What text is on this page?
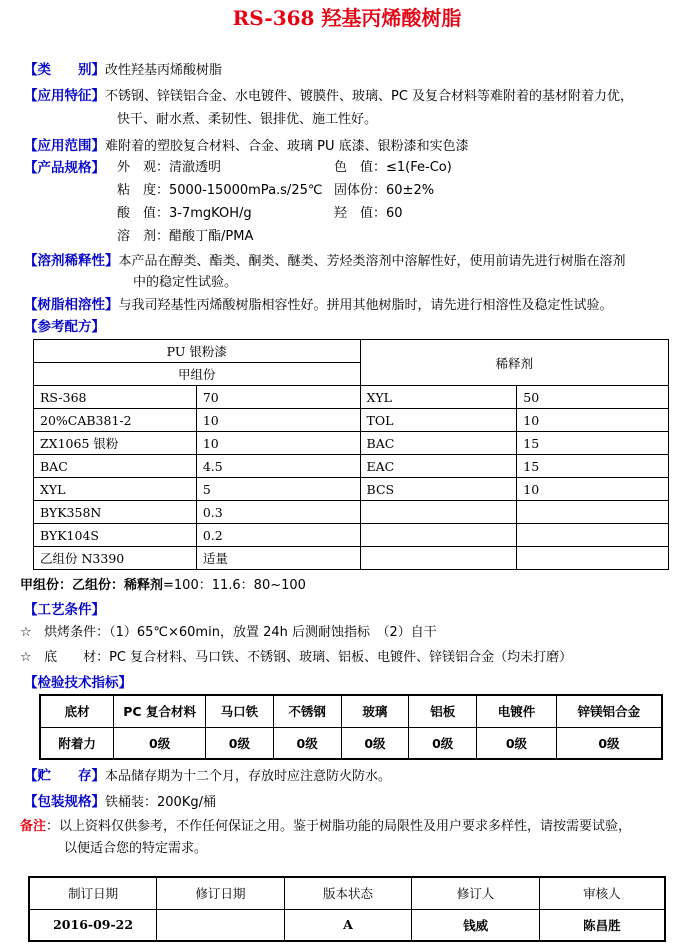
RS-368 羟基丙烯酸树脂
【类　　别】改性羟基丙烯酸树脂
【应用特征】不锈钢、锌镁铝合金、水电镀件、镀膜件、玻璃、PC 及复合材料等难附着的基材附着力优，
快干、耐水煮、柔韧性、银排优、施工性好。
【应用范围】难附着的塑胶复合材料、合金、玻璃 PU 底漆、银粉漆和实色漆
【产品规格】 外　观：清澈透明	色　值：≤1(Fe-Co)
粘　度：5000-15000mPa.s/25℃ 固体份：60±2%
酸　值：3-7mgKOH/g	羟　值：60
溶　剂：醋酸丁酯/PMA
【溶剂稀释性】本产品在醇类、酯类、酮类、醚类、芳烃类溶剂中溶解性好，使用前请先进行树脂在溶剂
中的稳定性试验。
【树脂相溶性】与我司羟基性丙烯酸树脂相容性好。拼用其他树脂时，请先进行相溶性及稳定性试验。
【参考配方】
PU 银粉漆		稀释剂	
甲组份			
RS-368	70	XYL	50
20%CAB381-2	10	TOL	10
ZX1065 银粉	10	BAC	15
BAC	4.5	EAC	15
XYL	5	BCS	10
BYK358N	0.3		
BYK104S	0.2		
乙组份 N3390	适量		
甲组份：乙组份：稀释剂=100：11.6：80~100
【工艺条件】
☆ 烘烤条件：（1）65℃×60min，放置 24h 后测耐蚀指标　（2）自干
☆ 底　　材：PC 复合材料、马口铁、不锈钢、玻璃、铝板、电镀件、锌镁铝合金（均未打磨）
【检验技术指标】
底材	PC 复合材料	马口铁	不锈钢	玻璃	铝板	电镀件	锌镁铝合金
附着力	0级	0级	0级	0级	0级	0级	0级
【贮　　存】本品储存期为十二个月，存放时应注意防火防水。
【包装规格】铁桶装：200Kg/桶
备注：以上资料仅供参考，不作任何保证之用。鉴于树脂功能的局限性及用户要求多样性，请按需要试验，
以便适合您的特定需求。
制订日期	修订日期	版本状态	修订人	审核人
2016-09-22		A	钱威	陈昌胜
